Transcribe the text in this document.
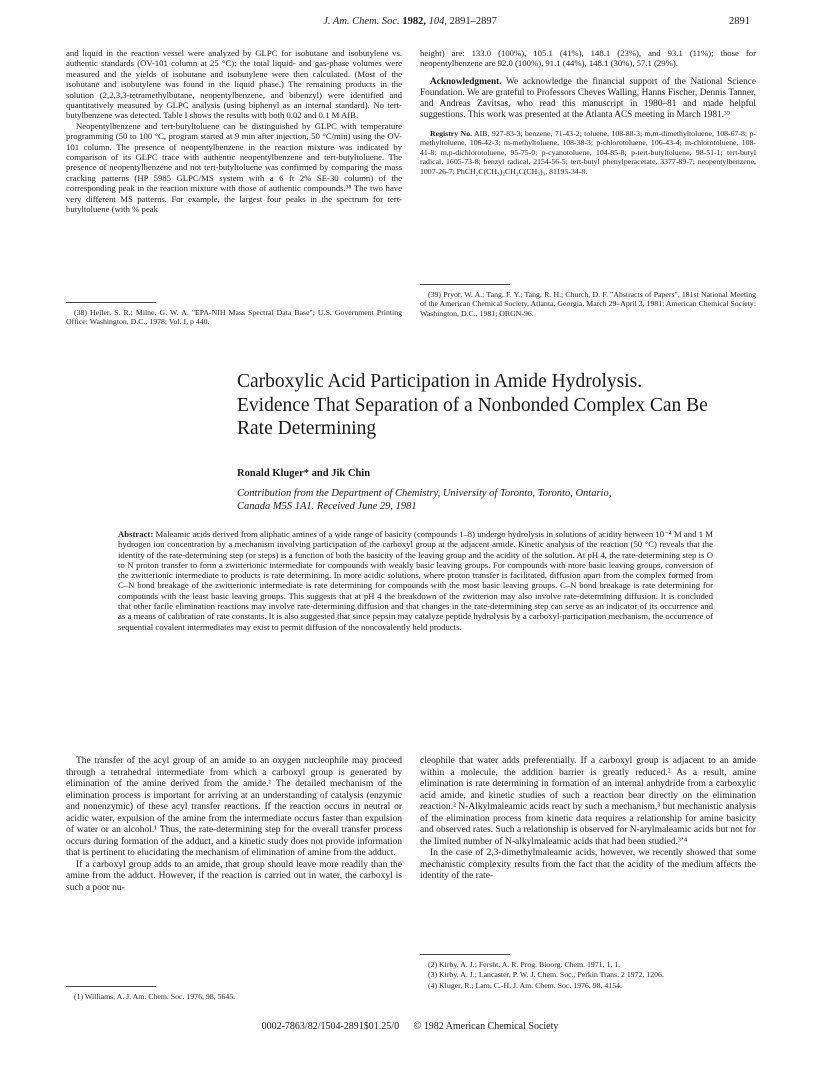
J. Am. Chem. Soc. 1982, 104, 2891–2897	2891

and liquid in the reaction vessel were analyzed by GLPC for isobutane and isobutylene vs. authentic standards (OV-101 column at 25 °C); the total liquid- and gas-phase volumes were measured and the yields of isobutane and isobutylene were then calculated. (Most of the isobutane and isobutylene was found in the liquid phase.) The remaining products in the solution (2,2,3,3-tetramethylbutane, neopentylbenzene, and bibenzyl) were identified and quantitatively measured by GLPC analysis (using biphenyl as an internal standard). No tert-butylbenzene was detected. Table I shows the results with both 0.02 and 0.1 M AIB.

Neopentylbenzene and tert-butyltoluene can be distinguished by GLPC with temperature programming (50 to 100 °C, program started at 9 min after injection, 50 °C/min) using the OV-101 column. The presence of neopentylbenzene in the reaction mixture was indicated by comparison of its GLPC trace with authentic neopentylbenzene and tert-butyltoluene. The presence of neopentylbenzene and not tert-butyltoluene was confirmed by comparing the mass cracking patterns (HP 5985 GLPC/MS system with a 6 ft 2% SE-30 column) of the corresponding peak in the reaction mixture with those of authentic compounds.³⁸ The two have very different MS patterns. For example, the largest four peaks in the spectrum for tert-butyltoluene (with % peak

(38) Heller, S. R.; Milne, G. W. A. "EPA-NIH Mass Spectral Data Base"; U.S. Government Printing Office: Washington, D.C., 1978; Vol. I, p 440.

height) are: 133.0 (100%), 105.1 (41%), 148.1 (23%), and 93.1 (11%); those for neopentylbenzene are 92.0 (100%), 91.1 (44%), 148.1 (30%), 57.1 (29%).

Acknowledgment. We acknowledge the financial support of the National Science Foundation. We are grateful to Professors Cheves Walling, Hanns Fischer, Dennis Tanner, and Andreas Zavitsas, who read this manuscript in 1980–81 and made helpful suggestions. This work was presented at the Atlanta ACS meeting in March 1981.³⁹

Registry No. AIB, 927-83-3; benzene, 71-43-2; toluene, 108-88-3; m,m-dimethyltoluene, 108-67-8; p-methyltoluene, 106-42-3; m-methyltoluene, 108-38-3; p-chlorotoluene, 106-43-4; m-chlorotoluene, 108-41-8; m,p-dichlorotoluene, 95-75-0; p-cyanotoluene, 104-85-8; p-tert-butyltoluene, 98-51-1; tert-butyl radical, 1605-73-8; benzyl radical, 2154-56-5; tert-butyl phenylperacetate, 3377-89-7; neopentylbenzene, 1007-26-7; PhCH₂C(CH₃)₂CH₂C(CH₃)₃, 81195-34-8.

(39) Pryor, W. A.; Tang, F. Y.; Tang, R. H.; Church, D. F. "Abstracts of Papers", 181st National Meeting of the American Chemical Society, Atlanta, Georgia, March 29–April 3, 1981; American Chemical Society: Washington, D.C., 1981; ORGN-96.

Carboxylic Acid Participation in Amide Hydrolysis.
Evidence That Separation of a Nonbonded Complex Can Be
Rate Determining
Ronald Kluger* and Jik Chin
Contribution from the Department of Chemistry, University of Toronto, Toronto, Ontario,
Canada M5S 1A1. Received June 29, 1981
Abstract: Maleamic acids derived from aliphatic amines of a wide range of basicity (compounds 1–8) undergo hydrolysis in solutions of acidity between 10⁻⁴ M and 1 M hydrogen ion concentration by a mechanism involving participation of the carboxyl group at the adjacent amide. Kinetic analysis of the reaction (50 °C) reveals that the identity of the rate-determining step (or steps) is a function of both the basicity of the leaving group and the acidity of the solution. At pH 4, the rate-determining step is O to N proton transfer to form a zwitterionic intermediate for compounds with weakly basic leaving groups. For compounds with more basic leaving groups, conversion of the zwitterionic intermediate to products is rate determining. In more acidic solutions, where proton transfer is facilitated, diffusion apart from the complex formed from C–N bond breakage of the zwitterionic intermediate is rate determining for compounds with the most basic leaving groups. C–N bond breakage is rate determining for compounds with the least basic leaving groups. This suggests that at pH 4 the breakdown of the zwitterion may also involve rate-determining diffusion. It is concluded that other facile elimination reactions may involve rate-determining diffusion and that changes in the rate-determining step can serve as an indicator of its occurrence and as a means of calibration of rate constants. It is also suggested that since pepsin may catalyze peptide hydrolysis by a carboxyl-participation mechanism, the occurrence of sequential covalent intermediates may exist to permit diffusion of the noncovalently held products.

The transfer of the acyl group of an amide to an oxygen nucleophile may proceed through a tetrahedral intermediate from which a carboxyl group is generated by elimination of the amine derived from the amide.¹ The detailed mechanism of the elimination process is important for arriving at an understanding of catalysis (enzymic and nonenzymic) of these acyl transfer reactions. If the reaction occurs in neutral or acidic water, expulsion of the amine from the intermediate occurs faster than expulsion of water or an alcohol.¹ Thus, the rate-determining step for the overall transfer process occurs during formation of the adduct, and a kinetic study does not provide information that is pertinent to elucidating the mechanism of elimination of amine from the adduct.

If a carboxyl group adds to an amide, that group should leave more readily than the amine from the adduct. However, if the reaction is carried out in water, the carboxyl is such a poor nu-

(1) Williams, A. J. Am. Chem. Soc. 1976, 98, 5645.

cleophile that water adds preferentially. If a carboxyl group is adjacent to an amide within a molecule, the addition barrier is greatly reduced.² As a result, amine elimination is rate determining in formation of an internal anhydride from a carboxylic acid amide, and kinetic studies of such a reaction bear directly on the elimination reaction.² N-Alkylmaleamic acids react by such a mechanism,³ but mechanistic analysis of the elimination process from kinetic data requires a relationship for amine basicity and observed rates. Such a relationship is observed for N-arylmaleamic acids but not for the limited number of N-alkylmaleamic acids that had been studied.³ʼ⁴

In the case of 2,3-dimethylmaleamic acids, however, we recently showed that some mechanistic complexity results from the fact that the acidity of the medium affects the identity of the rate-

(2) Kirby, A. J.; Fersht, A. R. Prog. Bioorg. Chem. 1971, 1, 1.

(3) Kirby, A. J.; Lancaster, P. W. J. Chem. Soc., Perkin Trans. 2 1972, 1206.

(4) Kluger, R.; Lam, C.-H. J. Am. Chem. Soc. 1976, 98, 4154.

0002-7863/82/1504-2891$01.25/0 © 1982 American Chemical Society
